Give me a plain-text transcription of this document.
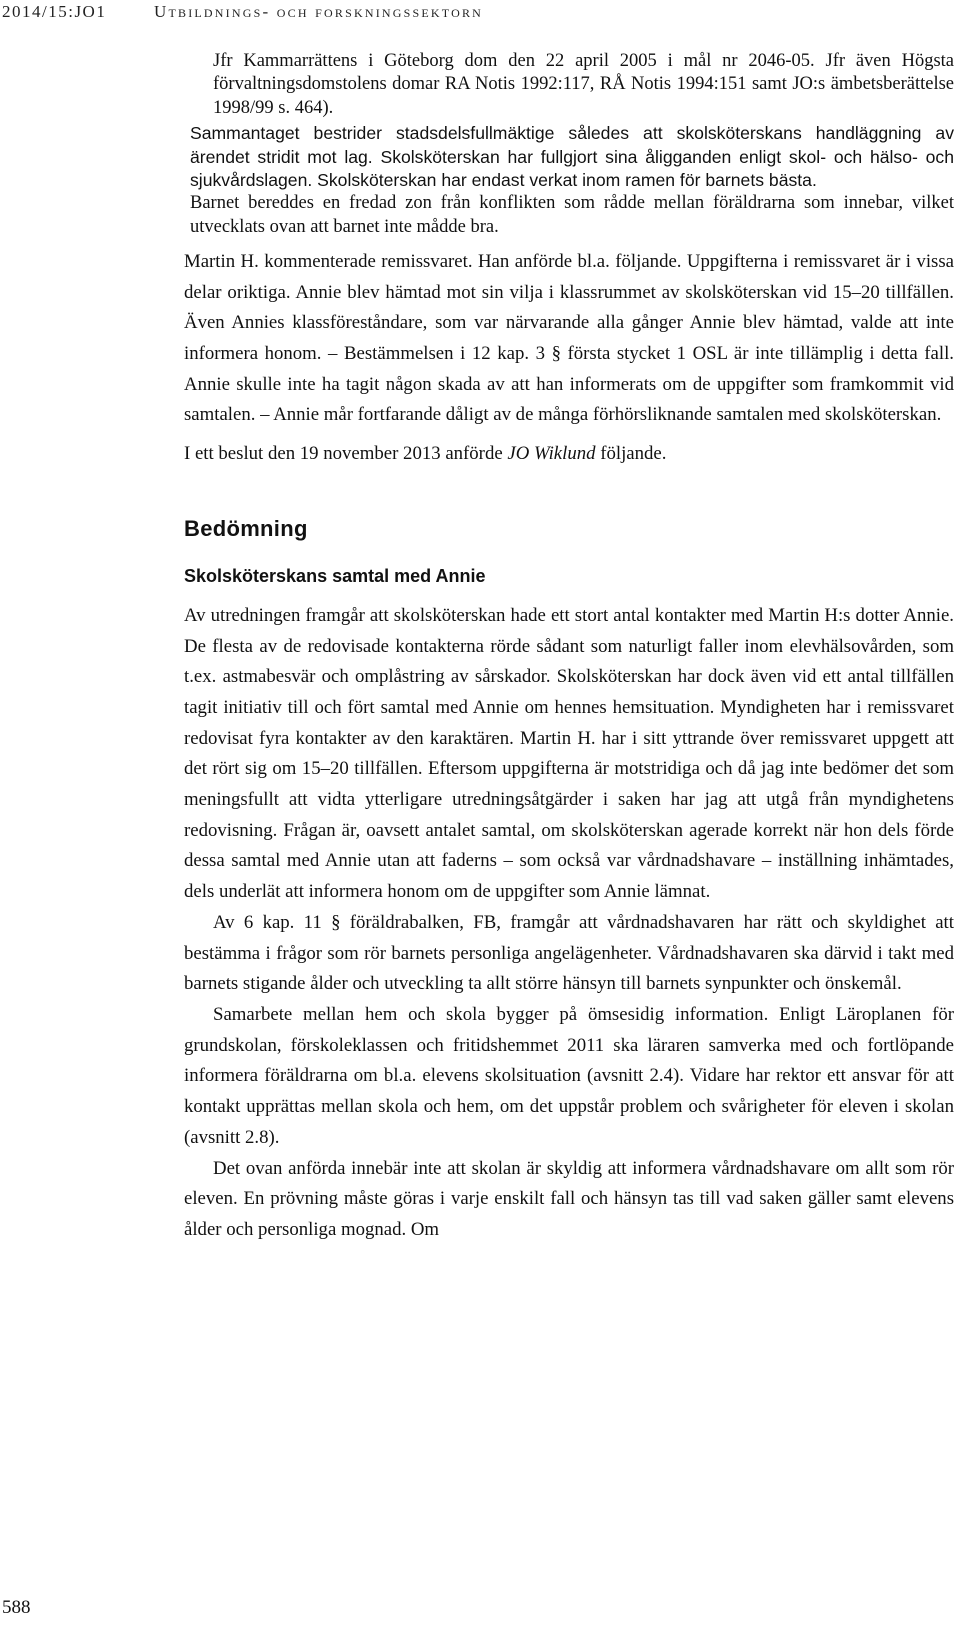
2014/15:JO1	Utbildnings- och forskningssektorn

Jfr Kammarrättens i Göteborg dom den 22 april 2005 i mål nr 2046-05. Jfr även Högsta förvaltningsdomstolens domar RA Notis 1992:117, RÅ Notis 1994:151 samt JO:s ämbetsberättelse 1998/99 s. 464).

Sammantaget bestrider stadsdelsfullmäktige således att skolsköterskans handläggning av ärendet stridit mot lag. Skolsköterskan har fullgjort sina åligganden enligt skol- och hälso- och sjukvårdslagen. Skolsköterskan har endast verkat inom ramen för barnets bästa.

Barnet bereddes en fredad zon från konflikten som rådde mellan föräldrarna som innebar, vilket utvecklats ovan att barnet inte mådde bra.

Martin H. kommenterade remissvaret. Han anförde bl.a. följande. Uppgifterna i remissvaret är i vissa delar oriktiga. Annie blev hämtad mot sin vilja i klassrummet av skolsköterskan vid 15–20 tillfällen. Även Annies klassföreståndare, som var närvarande alla gånger Annie blev hämtad, valde att inte informera honom. – Bestämmelsen i 12 kap. 3 § första stycket 1 OSL är inte tillämplig i detta fall. Annie skulle inte ha tagit någon skada av att han informerats om de uppgifter som framkommit vid samtalen. – Annie mår fortfarande dåligt av de många förhörsliknande samtalen med skolsköterskan.

I ett beslut den 19 november 2013 anförde JO Wiklund följande.

Bedömning
Skolsköterskans samtal med Annie

Av utredningen framgår att skolsköterskan hade ett stort antal kontakter med Martin H:s dotter Annie. De flesta av de redovisade kontakterna rörde sådant som naturligt faller inom elevhälsovården, som t.ex. astmabesvär och omplåstring av sårskador. Skolsköterskan har dock även vid ett antal tillfällen tagit initiativ till och fört samtal med Annie om hennes hemsituation. Myndigheten har i remissvaret redovisat fyra kontakter av den karaktären. Martin H. har i sitt yttrande över remissvaret uppgett att det rört sig om 15–20 tillfällen. Eftersom uppgifterna är motstridiga och då jag inte bedömer det som meningsfullt att vidta ytterligare utredningsåtgärder i saken har jag att utgå från myndighetens redovisning. Frågan är, oavsett antalet samtal, om skolsköterskan agerade korrekt när hon dels förde dessa samtal med Annie utan att faderns – som också var vårdnadshavare – inställning inhämtades, dels underlät att informera honom om de uppgifter som Annie lämnat.

Av 6 kap. 11 § föräldrabalken, FB, framgår att vårdnadshavaren har rätt och skyldighet att bestämma i frågor som rör barnets personliga angelägenheter. Vårdnadshavaren ska därvid i takt med barnets stigande ålder och utveckling ta allt större hänsyn till barnets synpunkter och önskemål.

Samarbete mellan hem och skola bygger på ömsesidig information. Enligt Läroplanen för grundskolan, förskoleklassen och fritidshemmet 2011 ska läraren samverka med och fortlöpande informera föräldrarna om bl.a. elevens skolsituation (avsnitt 2.4). Vidare har rektor ett ansvar för att kontakt upprättas mellan skola och hem, om det uppstår problem och svårigheter för eleven i skolan (avsnitt 2.8).

Det ovan anförda innebär inte att skolan är skyldig att informera vårdnadshavare om allt som rör eleven. En prövning måste göras i varje enskilt fall och hänsyn tas till vad saken gäller samt elevens ålder och personliga mognad. Om

588
